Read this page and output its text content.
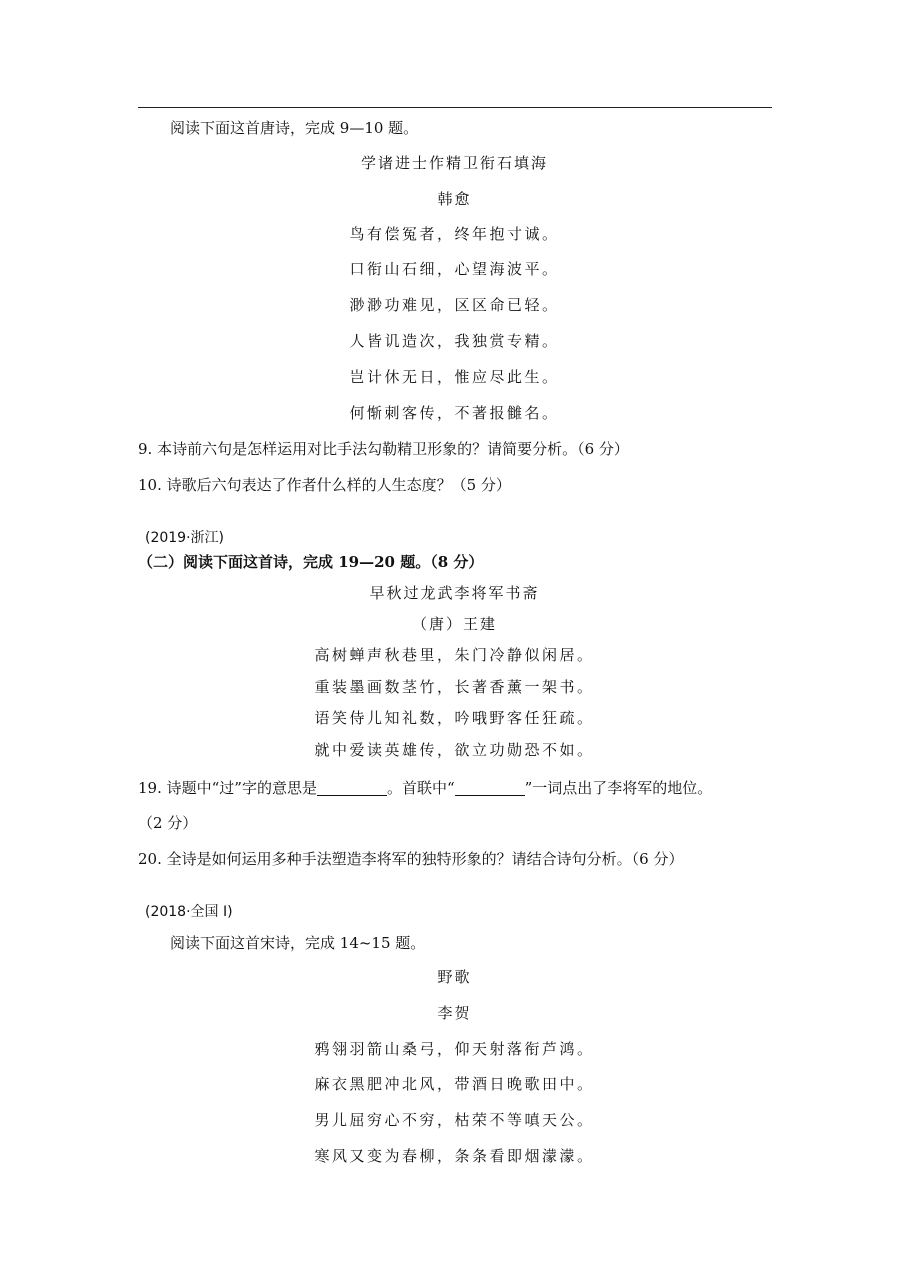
阅读下面这首唐诗，完成 9—10 题。
学诸进士作精卫衔石填海
韩愈
鸟有偿冤者，终年抱寸诚。
口衔山石细，心望海波平。
渺渺功难见，区区命已轻。
人皆讥造次，我独赏专精。
岂计休无日，惟应尽此生。
何惭刺客传，不著报雠名。
9. 本诗前六句是怎样运用对比手法勾勒精卫形象的？请简要分析。（6 分）
10. 诗歌后六句表达了作者什么样的人生态度？（5 分）
(2019·浙江)
（二）阅读下面这首诗，完成 19—20 题。（8 分）
早秋过龙武李将军书斋
（唐）王建
高树蝉声秋巷里，朱门冷静似闲居。
重装墨画数茎竹，长著香薰一架书。
语笑侍儿知礼数，吟哦野客任狂疏。
就中爱读英雄传，欲立功勋恐不如。
19. 诗题中“过”字的意思是	。首联中“	”一词点出了李将军的地位。
（2 分）
20. 全诗是如何运用多种手法塑造李将军的独特形象的？请结合诗句分析。（6 分）
(2018·全国 I)
阅读下面这首宋诗，完成 14~15 题。
野歌
李贺
鸦翎羽箭山桑弓，仰天射落衔芦鸿。
麻衣黑肥冲北风，带酒日晚歌田中。
男儿屈穷心不穷，枯荣不等嗔天公。
寒风又变为春柳，条条看即烟濛濛。
